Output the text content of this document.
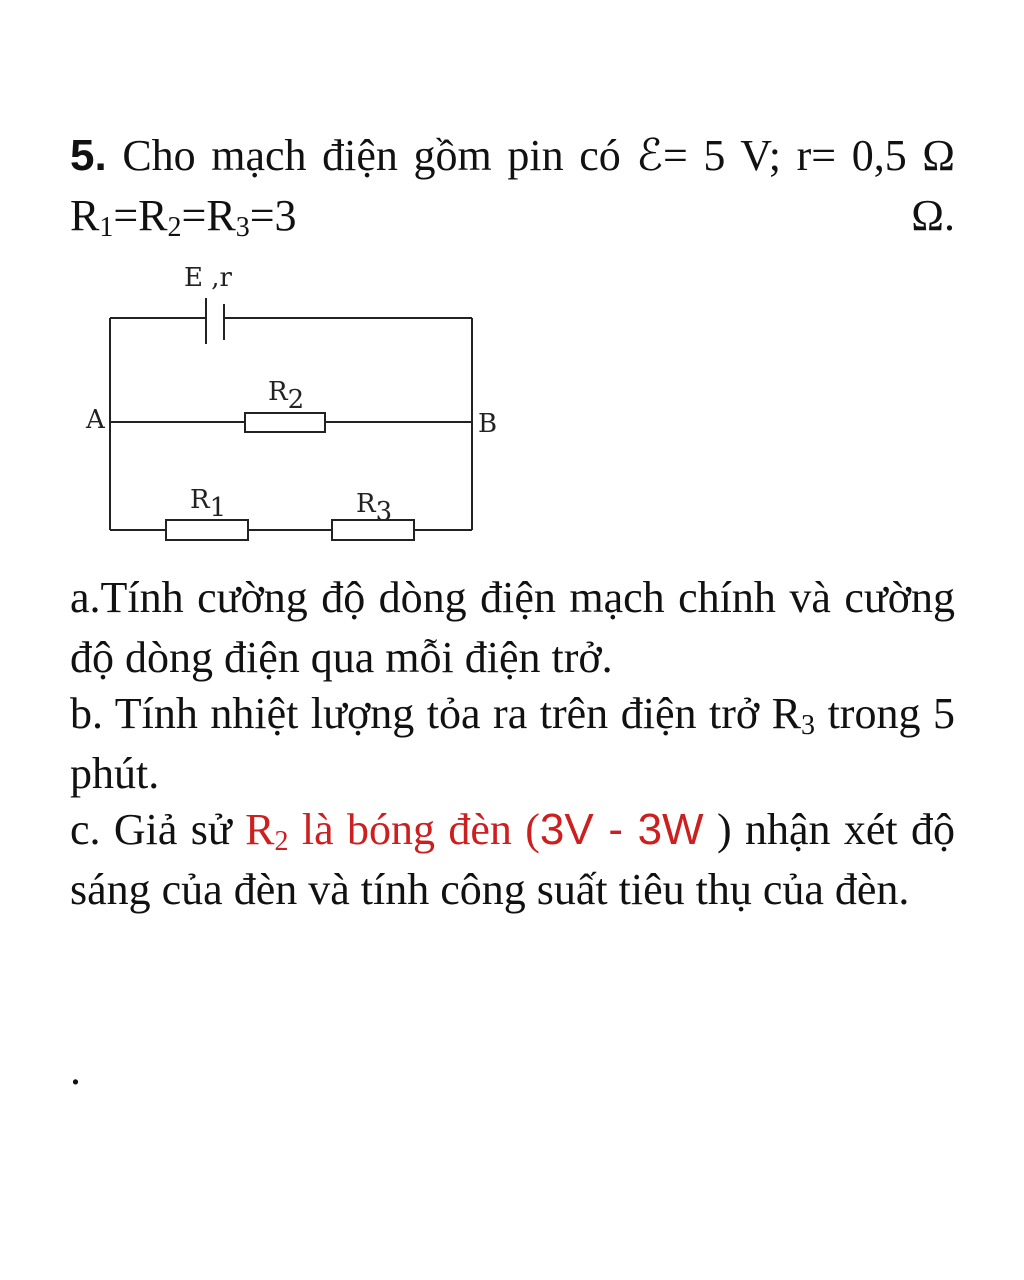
5. Cho mạch điện gồm pin có ℰ= 5 V; r= 0,5 Ω $R_1=R_2=R_3=3$ Ω.
E ,r
A	B
R2
R1	R3
a.Tính cường độ dòng điện mạch chính và cường độ dòng điện qua mỗi điện trở.
b. Tính nhiệt lượng tỏa ra trên điện trở $R_3$ trong 5 phút.
c. Giả sử $R_2$ là bóng đèn (3V - 3W ) nhận xét độ sáng của đèn và tính công suất tiêu thụ của đèn.
.
